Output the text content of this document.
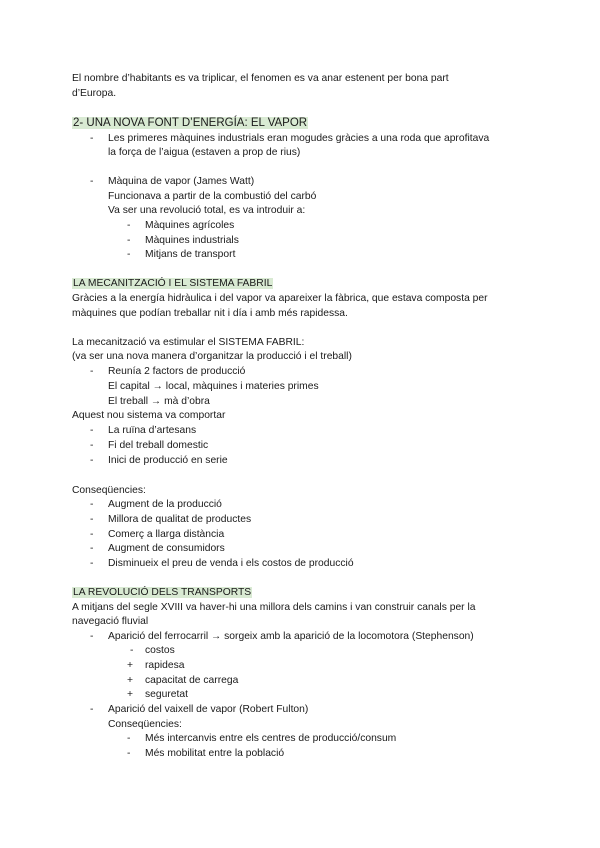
El nombre d’habitants es va triplicar, el fenomen es va anar estenent per bona part
d’Europa.
2- UNA NOVA FONT D’ENERGÍA: EL VAPOR
- Les primeres màquines industrials eran mogudes gràcies a una roda que aprofitava
la força de l’aigua (estaven a prop de rius)
- Màquina de vapor (James Watt)
Funcionava a partir de la combustió del carbó
Va ser una revolució total, es va introduir a:
- Màquines agrícoles
- Màquines industrials
- Mitjans de transport
LA MECANITZACIÓ I EL SISTEMA FABRIL
Gràcies a la energía hidràulica i del vapor va apareixer la fàbrica, que estava composta per
màquines que podían treballar nit i día i amb més rapidessa.
La mecanització va estimular el SISTEMA FABRIL:
(va ser una nova manera d’organitzar la producció i el treball)
- Reunía 2 factors de producció
El capital → local, màquines i materies primes
El treball → mà d’obra
Aquest nou sistema va comportar
- La ruïna d’artesans
- Fi del treball domestic
- Inici de producció en serie
Conseqüencies:
- Augment de la producció
- Millora de qualitat de productes
- Comerç a llarga distància
- Augment de consumidors
- Disminueix el preu de venda i els costos de producció
LA REVOLUCIÓ DELS TRANSPORTS
A mitjans del segle XVIII va haver-hi una millora dels camins i van construir canals per la
navegació fluvial
- Aparició del ferrocarril → sorgeix amb la aparició de la locomotora (Stephenson)
- costos
+ rapidesa
+ capacitat de carrega
+ seguretat
- Aparició del vaixell de vapor (Robert Fulton)
Conseqüencies:
- Més intercanvis entre els centres de producció/consum
- Més mobilitat entre la població
